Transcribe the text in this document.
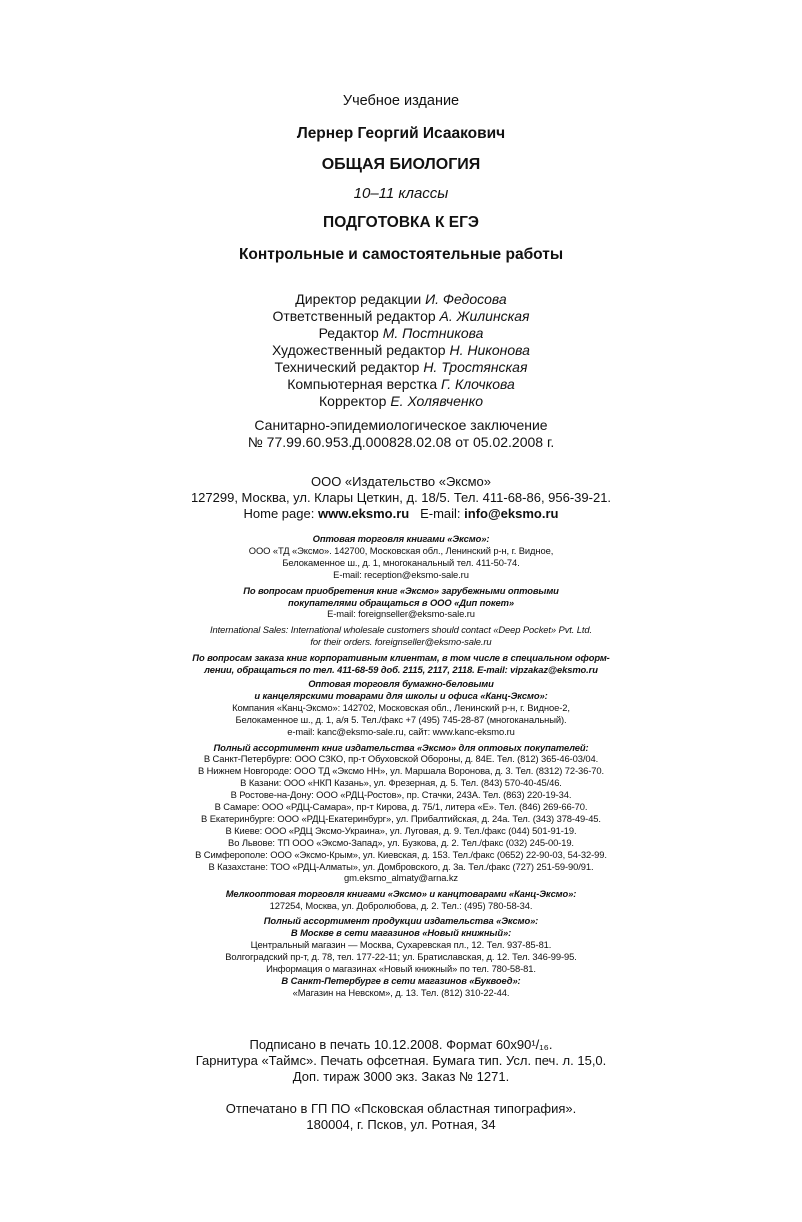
Учебное издание
Лернер Георгий Исаакович
ОБЩАЯ БИОЛОГИЯ
10–11 классы
ПОДГОТОВКА К ЕГЭ
Контрольные и самостоятельные работы
Директор редакции И. Федосова
Ответственный редактор А. Жилинская
Редактор М. Постникова
Художественный редактор Н. Никонова
Технический редактор Н. Тростянская
Компьютерная верстка Г. Клочкова
Корректор Е. Холявченко
Санитарно-эпидемиологическое заключение
№ 77.99.60.953.Д.000828.02.08 от 05.02.2008 г.
ООО «Издательство «Эксмо»
127299, Москва, ул. Клары Цеткин, д. 18/5. Тел. 411-68-86, 956-39-21.
Home page: www.eksmo.ru E-mail: info@eksmo.ru
Оптовая торговля книгами «Эксмо»:
ООО «ТД «Эксмо». 142700, Московская обл., Ленинский р-н, г. Видное,
Белокаменное ш., д. 1, многоканальный тел. 411-50-74.
E-mail: reception@eksmo-sale.ru
По вопросам приобретения книг «Эксмо» зарубежными оптовыми
покупателями обращаться в ООО «Дип покет»
E-mail: foreignseller@eksmo-sale.ru
International Sales: International wholesale customers should contact «Deep Pocket» Pvt. Ltd.
for their orders. foreignseller@eksmo-sale.ru
По вопросам заказа книг корпоративным клиентам, в том числе в специальном оформ-
лении, обращаться по тел. 411-68-59 доб. 2115, 2117, 2118. E-mail: vipzakaz@eksmo.ru
Оптовая торговля бумажно-беловыми
и канцелярскими товарами для школы и офиса «Канц-Эксмо»:
Компания «Канц-Эксмо»: 142702, Московская обл., Ленинский р-н, г. Видное-2,
Белокаменное ш., д. 1, а/я 5. Тел./факс +7 (495) 745-28-87 (многоканальный).
e-mail: kanc@eksmo-sale.ru, сайт: www.kanc-eksmo.ru
Полный ассортимент книг издательства «Эксмо» для оптовых покупателей:
В Санкт-Петербурге: ООО СЗКО, пр-т Обуховской Обороны, д. 84Е. Тел. (812) 365-46-03/04.
В Нижнем Новгороде: ООО ТД «Эксмо НН», ул. Маршала Воронова, д. 3. Тел. (8312) 72-36-70.
В Казани: ООО «НКП Казань», ул. Фрезерная, д. 5. Тел. (843) 570-40-45/46.
В Ростове-на-Дону: ООО «РДЦ-Ростов», пр. Стачки, 243А. Тел. (863) 220-19-34.
В Самаре: ООО «РДЦ-Самара», пр-т Кирова, д. 75/1, литера «Е». Тел. (846) 269-66-70.
В Екатеринбурге: ООО «РДЦ-Екатеринбург», ул. Прибалтийская, д. 24а. Тел. (343) 378-49-45.
В Киеве: ООО «РДЦ Эксмо-Украина», ул. Луговая, д. 9. Тел./факс (044) 501-91-19.
Во Львове: ТП ООО «Эксмо-Запад», ул. Бузкова, д. 2. Тел./факс (032) 245-00-19.
В Симферополе: ООО «Эксмо-Крым», ул. Киевская, д. 153. Тел./факс (0652) 22-90-03, 54-32-99.
В Казахстане: ТОО «РДЦ-Алматы», ул. Домбровского, д. 3а. Тел./факс (727) 251-59-90/91.
gm.eksmo_almaty@arna.kz
Мелкооптовая торговля книгами «Эксмо» и канцтоварами «Канц-Эксмо»:
127254, Москва, ул. Добролюбова, д. 2. Тел.: (495) 780-58-34.
Полный ассортимент продукции издательства «Эксмо»:
В Москве в сети магазинов «Новый книжный»:
Центральный магазин — Москва, Сухаревская пл., 12. Тел. 937-85-81.
Волгоградский пр-т, д. 78, тел. 177-22-11; ул. Братиславская, д. 12. Тел. 346-99-95.
Информация о магазинах «Новый книжный» по тел. 780-58-81.
В Санкт-Петербурге в сети магазинов «Буквоед»:
«Магазин на Невском», д. 13. Тел. (812) 310-22-44.
Подписано в печать 10.12.2008. Формат 60x90¹/₁₆.
Гарнитура «Таймс». Печать офсетная. Бумага тип. Усл. печ. л. 15,0.
Доп. тираж 3000 экз. Заказ № 1271.
Отпечатано в ГП ПО «Псковская областная типография».
180004, г. Псков, ул. Ротная, 34
